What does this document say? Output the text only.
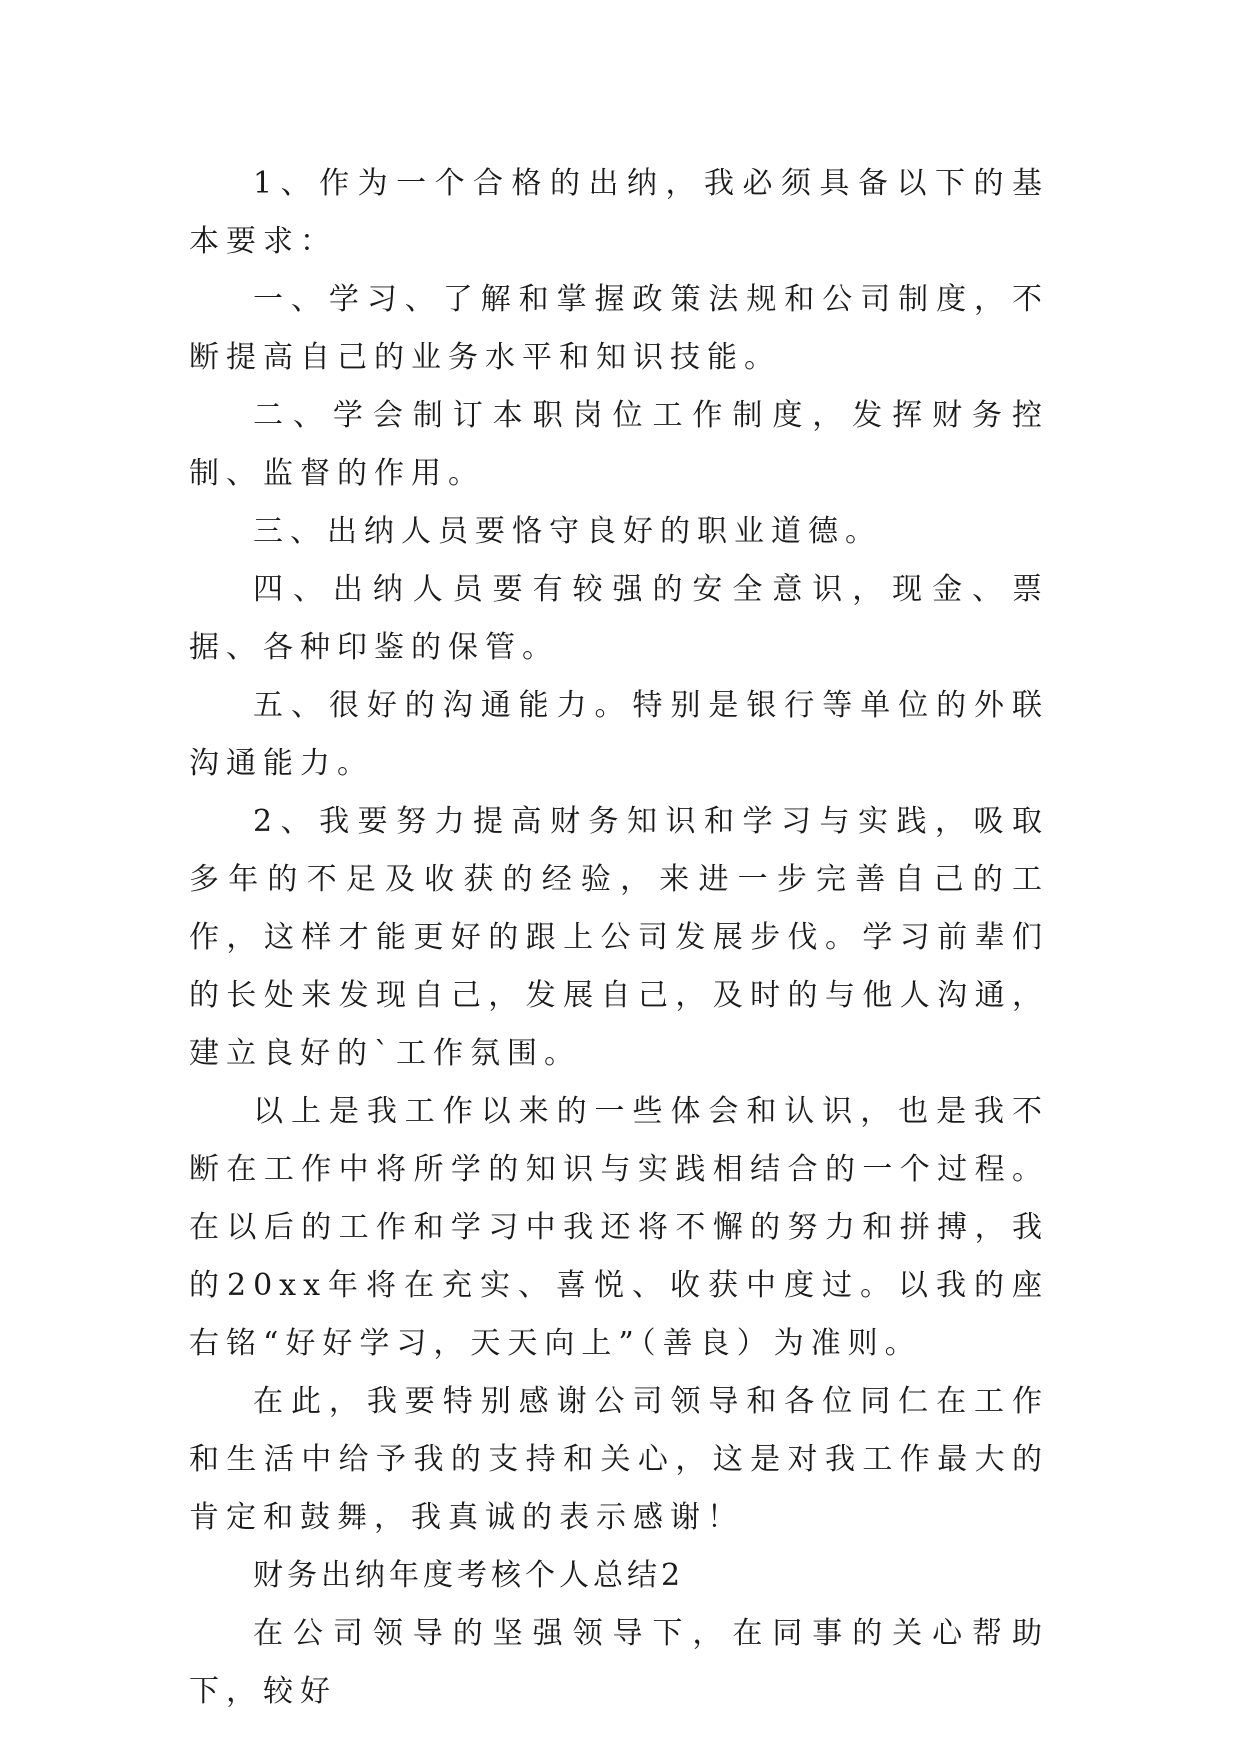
1、作为一个合格的出纳，我必须具备以下的基本要求：

一、学习、了解和掌握政策法规和公司制度，不断提高自己的业务水平和知识技能。

二、学会制订本职岗位工作制度，发挥财务控制、监督的作用。

三、出纳人员要恪守良好的职业道德。

四、出纳人员要有较强的安全意识，现金、票据、各种印鉴的保管。

五、很好的沟通能力。特别是银行等单位的外联沟通能力。

2、我要努力提高财务知识和学习与实践，吸取多年的不足及收获的经验，来进一步完善自己的工作，这样才能更好的跟上公司发展步伐。学习前辈们的长处来发现自己，发展自己，及时的与他人沟通，建立良好的`工作氛围。

以上是我工作以来的一些体会和认识，也是我不断在工作中将所学的知识与实践相结合的一个过程。在以后的工作和学习中我还将不懈的努力和拼搏，我的20xx年将在充实、喜悦、收获中度过。以我的座右铭“好好学习，天天向上”（善良）为准则。

在此，我要特别感谢公司领导和各位同仁在工作和生活中给予我的支持和关心，这是对我工作最大的肯定和鼓舞，我真诚的表示感谢！

财务出纳年度考核个人总结2

在公司领导的坚强领导下，在同事的关心帮助下，较好
